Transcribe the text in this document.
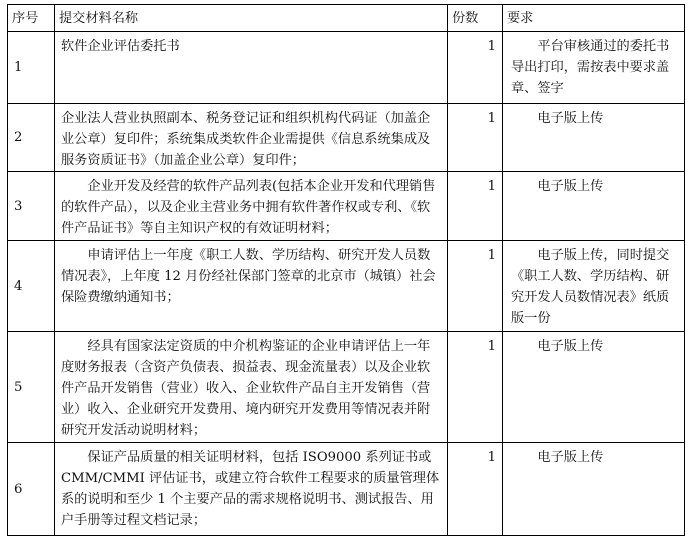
序号	提交材料名称	份数	要求
1	软件企业评估委托书	1	平台审核通过的委托书导出打印，需按表中要求盖章、签字
2	企业法人营业执照副本、税务登记证和组织机构代码证（加盖企业公章）复印件；系统集成类软件企业需提供《信息系统集成及服务资质证书》（加盖企业公章）复印件；	1	电子版上传
3	企业开发及经营的软件产品列表(包括本企业开发和代理销售的软件产品），以及企业主营业务中拥有软件著作权或专利、《软件产品证书》等自主知识产权的有效证明材料；	1	电子版上传
4	申请评估上一年度《职工人数、学历结构、研究开发人员数情况表》，上年度 12 月份经社保部门签章的北京市（城镇）社会保险费缴纳通知书；	1	电子版上传，同时提交《职工人数、学历结构、研究开发人员数情况表》纸质版一份
5	经具有国家法定资质的中介机构鉴证的企业申请评估上一年度财务报表（含资产负债表、损益表、现金流量表）以及企业软件产品开发销售（营业）收入、企业软件产品自主开发销售（营业）收入、企业研究开发费用、境内研究开发费用等情况表并附研究开发活动说明材料；	1	电子版上传
6	保证产品质量的相关证明材料，包括 ISO9000 系列证书或 CMM/CMMI 评估证书，或建立符合软件工程要求的质量管理体系的说明和至少 1 个主要产品的需求规格说明书、测试报告、用户手册等过程文档记录；	1	电子版上传
